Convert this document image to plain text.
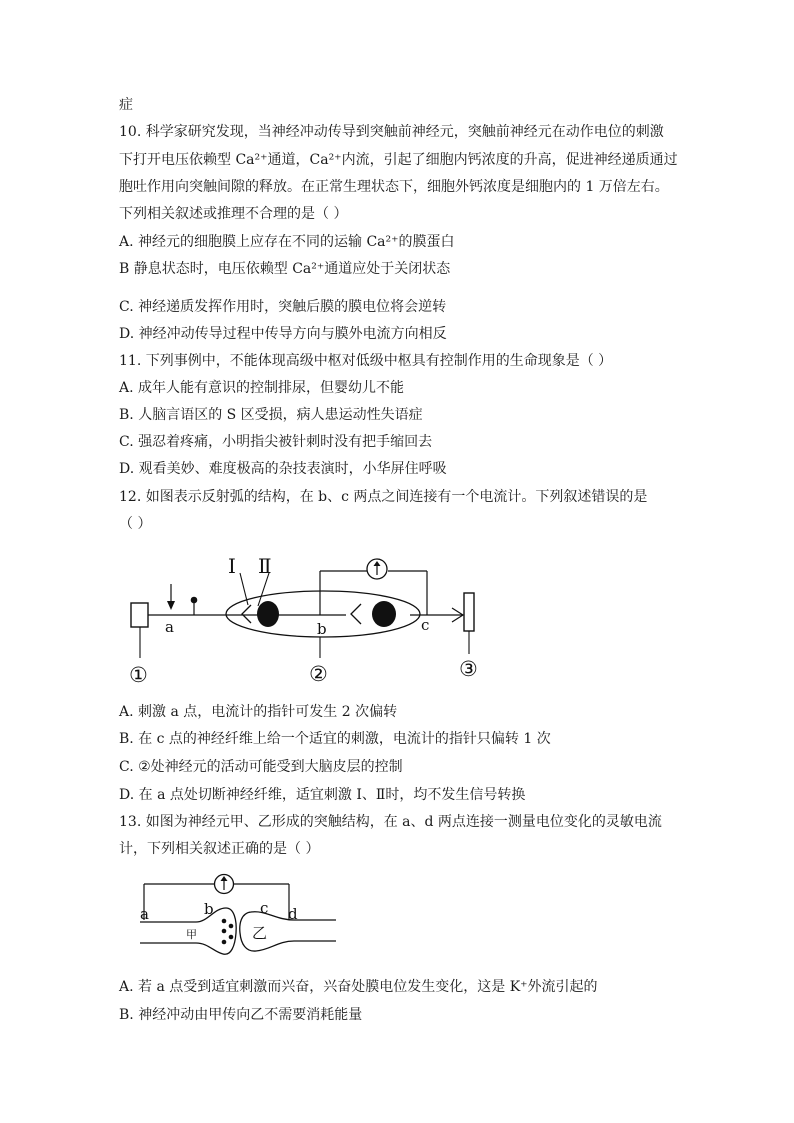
症
10. 科学家研究发现，当神经冲动传导到突触前神经元，突触前神经元在动作电位的刺激
下打开电压依赖型 Ca²⁺通道，Ca²⁺内流，引起了细胞内钙浓度的升高，促进神经递质通过
胞吐作用向突触间隙的释放。在正常生理状态下，细胞外钙浓度是细胞内的 1 万倍左右。
下列相关叙述或推理不合理的是（ ）
A. 神经元的细胞膜上应存在不同的运输 Ca²⁺的膜蛋白
B 静息状态时，电压依赖型 Ca²⁺通道应处于关闭状态
C. 神经递质发挥作用时，突触后膜的膜电位将会逆转
D. 神经冲动传导过程中传导方向与膜外电流方向相反
11. 下列事例中，不能体现高级中枢对低级中枢具有控制作用的生命现象是（ ）
A. 成年人能有意识的控制排尿，但婴幼儿不能
B. 人脑言语区的 S 区受损，病人患运动性失语症
C. 强忍着疼痛，小明指尖被针刺时没有把手缩回去
D. 观看美妙、难度极高的杂技表演时，小华屏住呼吸
12. 如图表示反射弧的结构，在 b、c 两点之间连接有一个电流计。下列叙述错误的是
（ ）
Ⅰ Ⅱ
a	b	c
①	②	③
A. 刺激 a 点，电流计的指针可发生 2 次偏转
B. 在 c 点的神经纤维上给一个适宜的刺激，电流计的指针只偏转 1 次
C. ②处神经元的活动可能受到大脑皮层的控制
D. 在 a 点处切断神经纤维，适宜刺激 Ⅰ、Ⅱ时，均不发生信号转换
13. 如图为神经元甲、乙形成的突触结构，在 a、d 两点连接一测量电位变化的灵敏电流
计，下列相关叙述正确的是（ ）
a	b	c d
甲	乙
A. 若 a 点受到适宜刺激而兴奋，兴奋处膜电位发生变化，这是 K⁺外流引起的
B. 神经冲动由甲传向乙不需要消耗能量
